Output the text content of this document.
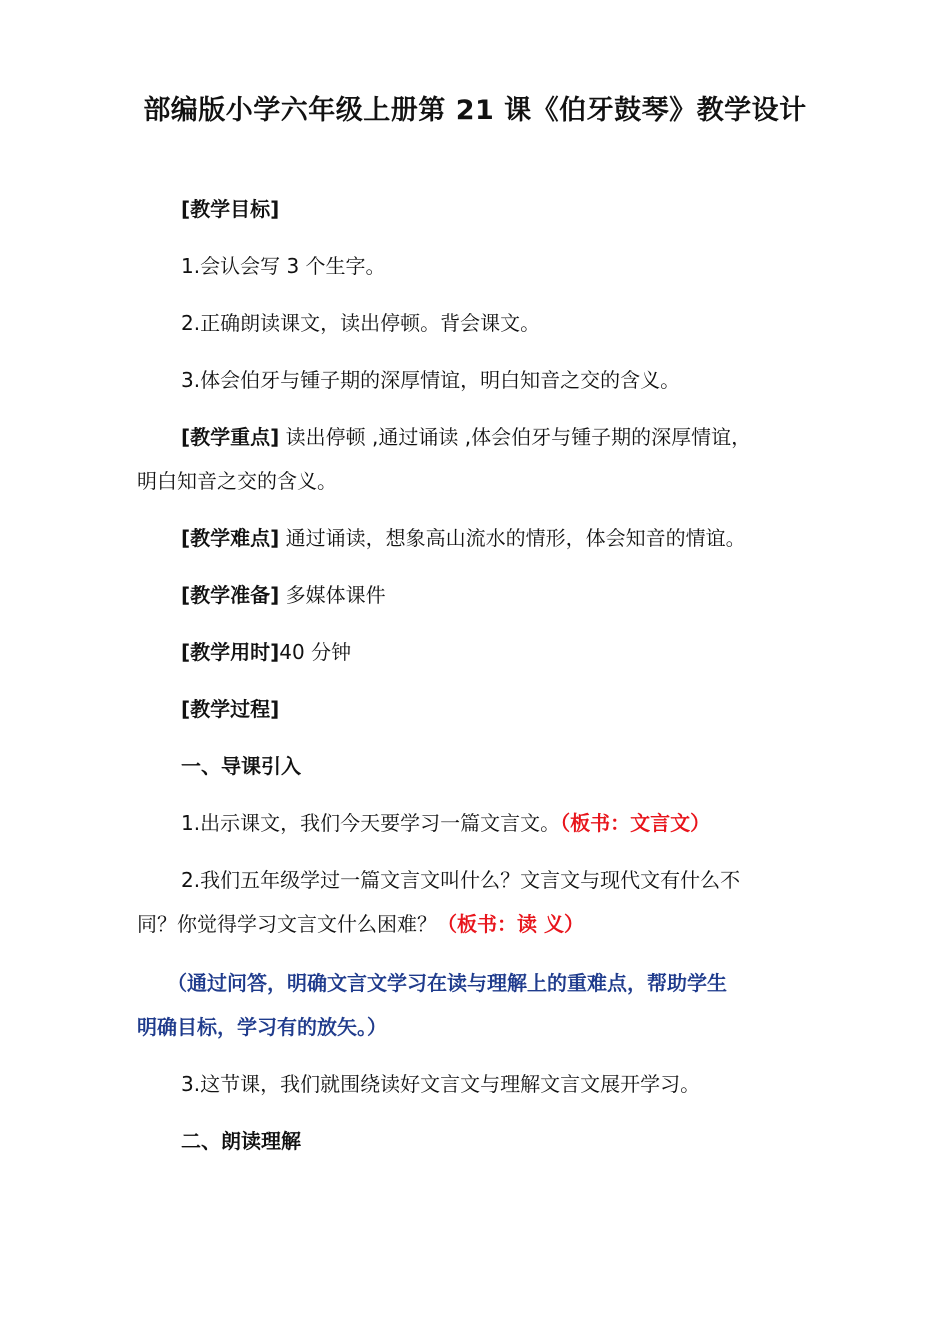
部编版小学六年级上册第 21 课《伯牙鼓琴》教学设计
[教学目标]
1.会认会写 3 个生字。
2.正确朗读课文，读出停顿。背会课文。
3.体会伯牙与锺子期的深厚情谊，明白知音之交的含义。
[教学重点] 读出停顿 ,通过诵读 ,体会伯牙与锺子期的深厚情谊，
明白知音之交的含义。
[教学难点] 通过诵读，想象高山流水的情形，体会知音的情谊。
[教学准备] 多媒体课件
[教学用时]40 分钟
[教学过程]
一、导课引入
1.出示课文，我们今天要学习一篇文言文。（板书：文言文）
2.我们五年级学过一篇文言文叫什么？文言文与现代文有什么不
同？你觉得学习文言文什么困难？（板书：读 义）
（通过问答，明确文言文学习在读与理解上的重难点，帮助学生
明确目标，学习有的放矢。）
3.这节课，我们就围绕读好文言文与理解文言文展开学习。
二、朗读理解
